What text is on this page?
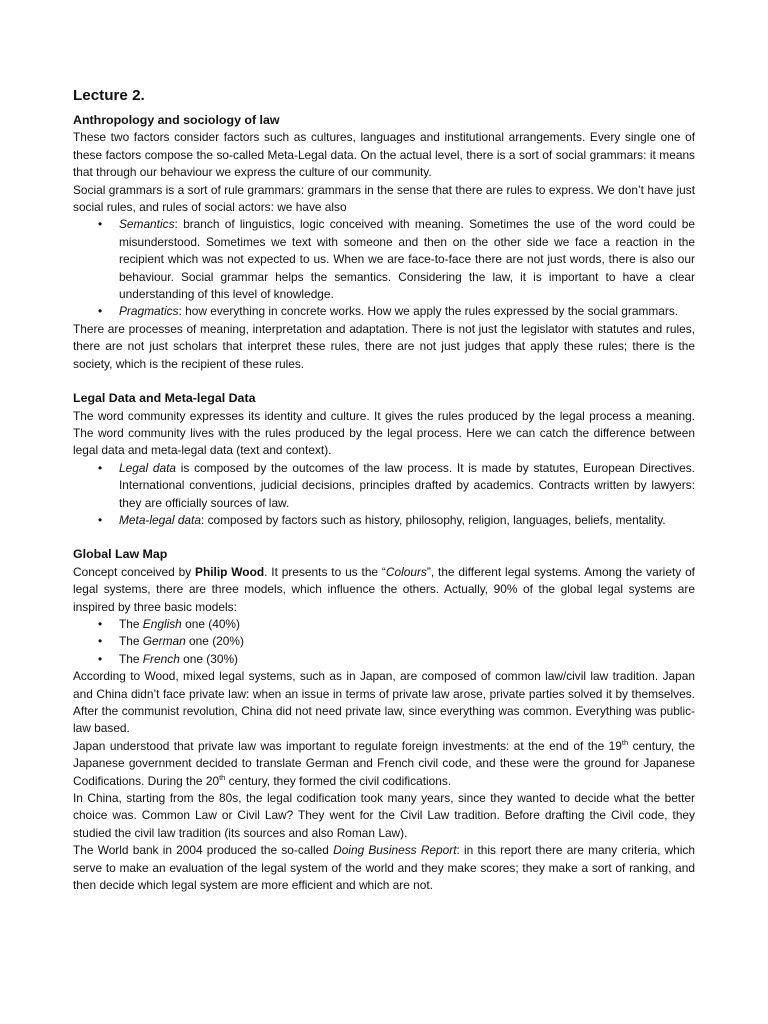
Lecture 2.
Anthropology and sociology of law

These two factors consider factors such as cultures, languages and institutional arrangements. Every single one of these factors compose the so-called Meta-Legal data. On the actual level, there is a sort of social grammars: it means that through our behaviour we express the culture of our community.

Social grammars is a sort of rule grammars: grammars in the sense that there are rules to express. We don’t have just social rules, and rules of social actors: we have also

• Semantics: branch of linguistics, logic conceived with meaning. Sometimes the use of the word could be misunderstood. Sometimes we text with someone and then on the other side we face a reaction in the recipient which was not expected to us. When we are face-to-face there are not just words, there is also our behaviour. Social grammar helps the semantics. Considering the law, it is important to have a clear understanding of this level of knowledge.
• Pragmatics: how everything in concrete works. How we apply the rules expressed by the social grammars.

There are processes of meaning, interpretation and adaptation. There is not just the legislator with statutes and rules, there are not just scholars that interpret these rules, there are not just judges that apply these rules; there is the society, which is the recipient of these rules.

Legal Data and Meta-legal Data

The word community expresses its identity and culture. It gives the rules produced by the legal process a meaning. The word community lives with the rules produced by the legal process. Here we can catch the difference between legal data and meta-legal data (text and context).

• Legal data is composed by the outcomes of the law process. It is made by statutes, European Directives. International conventions, judicial decisions, principles drafted by academics. Contracts written by lawyers: they are officially sources of law.
• Meta-legal data: composed by factors such as history, philosophy, religion, languages, beliefs, mentality.
Global Law Map

Concept conceived by Philip Wood. It presents to us the “Colours”, the different legal systems. Among the variety of legal systems, there are three models, which influence the others. Actually, 90% of the global legal systems are inspired by three basic models:

• The English one (40%)
• The German one (20%)
• The French one (30%)

According to Wood, mixed legal systems, such as in Japan, are composed of common law/civil law tradition. Japan and China didn’t face private law: when an issue in terms of private law arose, private parties solved it by themselves. After the communist revolution, China did not need private law, since everything was common. Everything was public-law based.

Japan understood that private law was important to regulate foreign investments: at the end of the 19th century, the Japanese government decided to translate German and French civil code, and these were the ground for Japanese Codifications. During the 20th century, they formed the civil codifications.

In China, starting from the 80s, the legal codification took many years, since they wanted to decide what the better choice was. Common Law or Civil Law? They went for the Civil Law tradition. Before drafting the Civil code, they studied the civil law tradition (its sources and also Roman Law).

The World bank in 2004 produced the so-called Doing Business Report: in this report there are many criteria, which serve to make an evaluation of the legal system of the world and they make scores; they make a sort of ranking, and then decide which legal system are more efficient and which are not.
